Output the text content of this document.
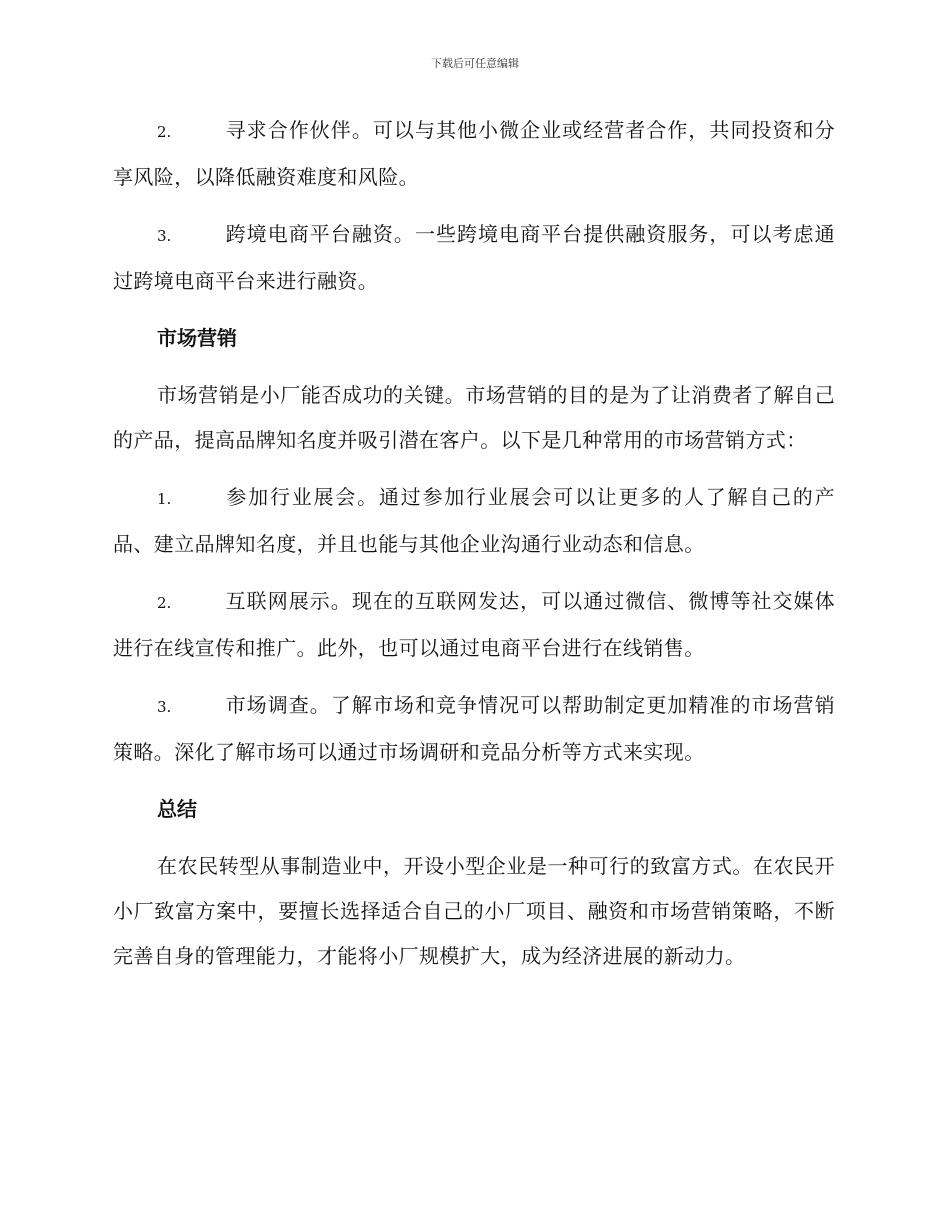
下载后可任意编辑

2.	寻求合作伙伴。可以与其他小微企业或经营者合作，共同投资和分享风险，以降低融资难度和风险。

3.	跨境电商平台融资。一些跨境电商平台提供融资服务，可以考虑通过跨境电商平台来进行融资。

市场营销

市场营销是小厂能否成功的关键。市场营销的目的是为了让消费者了解自己的产品，提高品牌知名度并吸引潜在客户。以下是几种常用的市场营销方式：

1.	参加行业展会。通过参加行业展会可以让更多的人了解自己的产品、建立品牌知名度，并且也能与其他企业沟通行业动态和信息。

2.	互联网展示。现在的互联网发达，可以通过微信、微博等社交媒体进行在线宣传和推广。此外，也可以通过电商平台进行在线销售。

3.	市场调查。了解市场和竞争情况可以帮助制定更加精准的市场营销策略。深化了解市场可以通过市场调研和竞品分析等方式来实现。

总结

在农民转型从事制造业中，开设小型企业是一种可行的致富方式。在农民开小厂致富方案中，要擅长选择适合自己的小厂项目、融资和市场营销策略，不断完善自身的管理能力，才能将小厂规模扩大，成为经济进展的新动力。
